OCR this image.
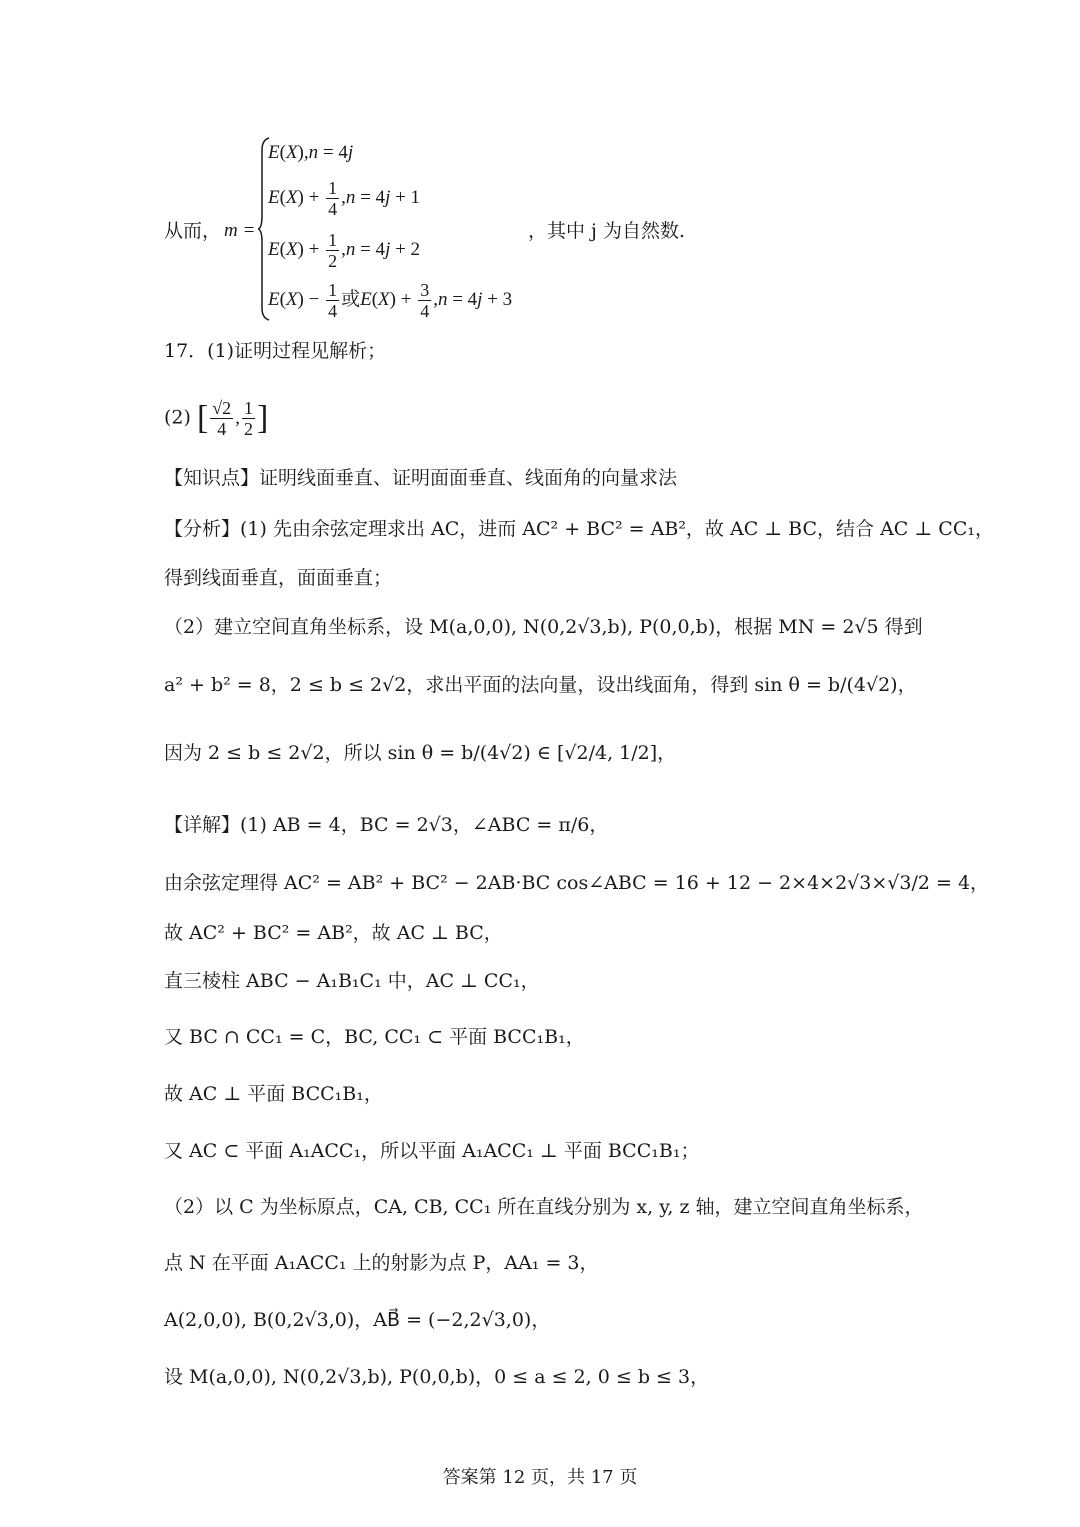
从而， m =
E(X),n = 4j
$E(X) + \frac{1}{4} ,n = 4j + 1$
$E(X) + \frac{1}{2} ,n = 4j + 2$
$E(X) - \frac{1}{4}$ 或$E(X) + \frac{3}{4} ,n = 4j + 3$
，其中 j 为自然数.
17．(1)证明过程见解析；
(2) [ $\frac{√2}{4}$ , $\frac{1}{2}$ ]
【知识点】证明线面垂直、证明面面垂直、线面角的向量求法
【分析】(1) 先由余弦定理求出 AC，进而 AC² + BC² = AB²，故 AC ⊥ BC，结合 AC ⊥ CC₁，
得到线面垂直，面面垂直；
（2）建立空间直角坐标系，设 M(a,0,0), N(0,2√3,b), P(0,0,b)，根据 MN = 2√5 得到
a² + b² = 8，2 ≤ b ≤ 2√2，求出平面的法向量，设出线面角，得到 sin θ = b/(4√2)，
因为 2 ≤ b ≤ 2√2，所以 sin θ = b/(4√2) ∈ [√2/4, 1/2]，
【详解】(1) AB = 4，BC = 2√3，∠ABC = π/6，
由余弦定理得 AC² = AB² + BC² − 2AB·BC cos∠ABC = 16 + 12 − 2×4×2√3×√3/2 = 4，
故 AC² + BC² = AB²，故 AC ⊥ BC，
直三棱柱 ABC − A₁B₁C₁ 中，AC ⊥ CC₁，
又 BC ∩ CC₁ = C，BC, CC₁ ⊂ 平面 BCC₁B₁，
故 AC ⊥ 平面 BCC₁B₁，
又 AC ⊂ 平面 A₁ACC₁，所以平面 A₁ACC₁ ⊥ 平面 BCC₁B₁；
（2）以 C 为坐标原点，CA, CB, CC₁ 所在直线分别为 x, y, z 轴，建立空间直角坐标系，
点 N 在平面 A₁ACC₁ 上的射影为点 P，AA₁ = 3，
A(2,0,0), B(0,2√3,0)，AB⃗ = (−2,2√3,0)，
设 M(a,0,0), N(0,2√3,b), P(0,0,b)，0 ≤ a ≤ 2, 0 ≤ b ≤ 3，
答案第 12 页，共 17 页
